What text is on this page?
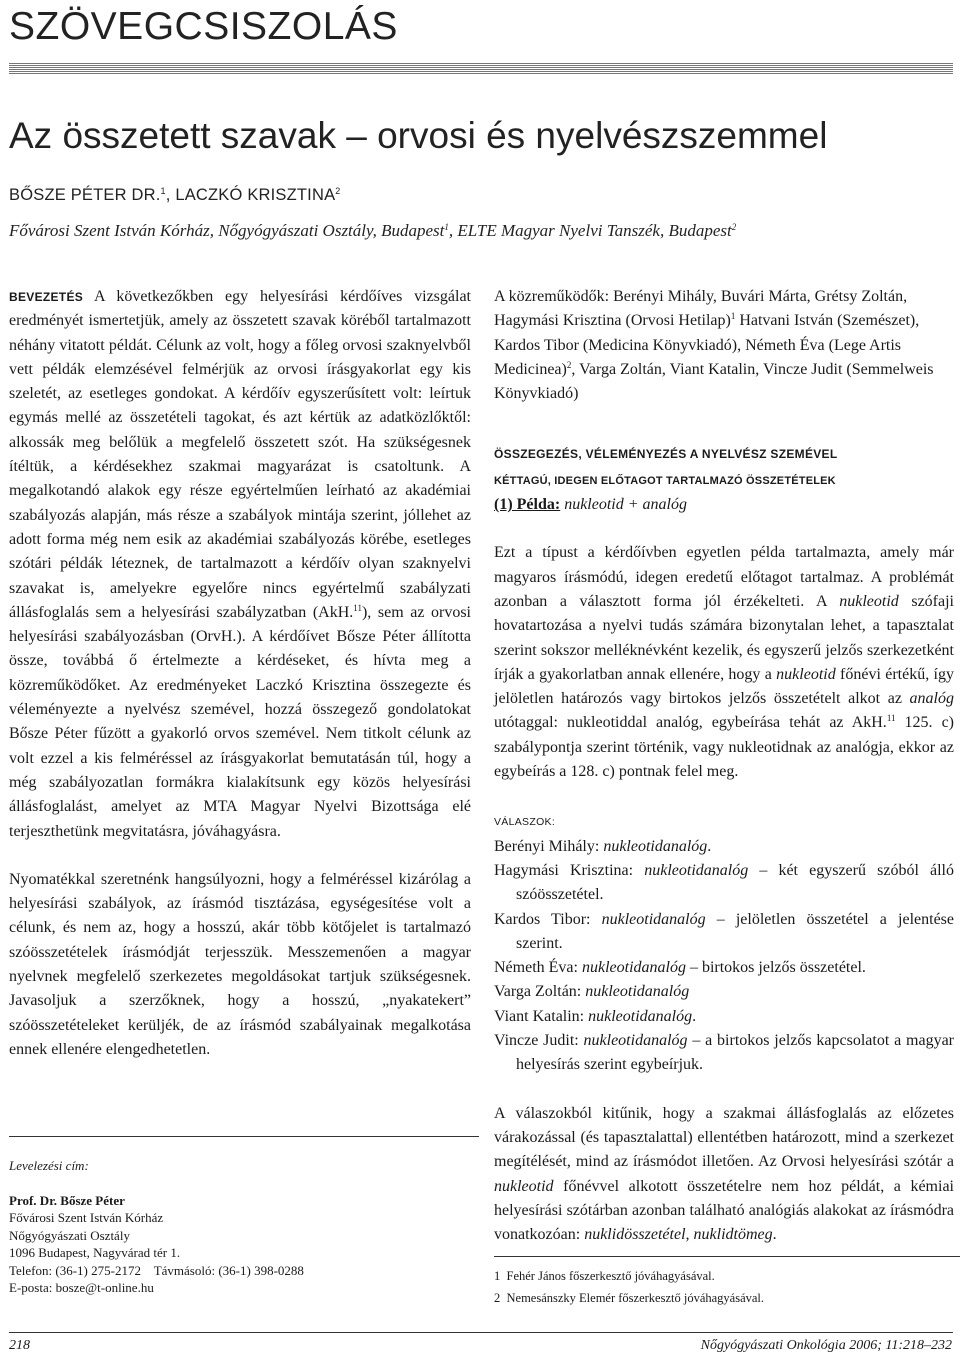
SZÖVEGCSISZOLÁS
Az összetett szavak – orvosi és nyelvészszemmel
BŐSZE PÉTER DR.$^1$, LACZKÓ KRISZTINA$^2$
Fővárosi Szent István Kórház, Nőgyógyászati Osztály, Budapest$^1$, ELTE Magyar Nyelvi Tanszék, Budapest$^2$

BEVEZETÉS A következőkben egy helyesírási kérdőíves vizsgálat eredményét ismertetjük, amely az összetett szavak köréből tartalmazott néhány vitatott példát. Célunk az volt, hogy a főleg orvosi szaknyelvből vett példák elemzésével felmérjük az orvosi írásgyakorlat egy kis szeletét, az esetleges gondokat. A kérdőív egyszerűsített volt: leírtuk egymás mellé az összetételi tagokat, és azt kértük az adatközlőktől: alkossák meg belőlük a megfelelő összetett szót. Ha szükségesnek ítéltük, a kérdésekhez szakmai magyarázat is csatoltunk. A megalkotandó alakok egy része egyértelműen leírható az akadémiai szabályozás alapján, más része a szabályok mintája szerint, jóllehet az adott forma még nem esik az akadémiai szabályozás körébe, esetleges szótári példák léteznek, de tartalmazott a kérdőív olyan szaknyelvi szavakat is, amelyekre egyelőre nincs egyértelmű szabályzati állásfoglalás sem a helyesírási szabályzatban (AkH.$^{11}$), sem az orvosi helyesírási szabályozásban (OrvH.). A kérdőívet Bősze Péter állította össze, továbbá ő értelmezte a kérdéseket, és hívta meg a közreműködőket. Az eredményeket Laczkó Krisztina összegezte és véleményezte a nyelvész szemével, hozzá összegező gondolatokat Bősze Péter fűzött a gyakorló orvos szemével. Nem titkolt célunk az volt ezzel a kis felméréssel az írásgyakorlat bemutatásán túl, hogy a még szabályozatlan formákra kialakítsunk egy közös helyesírási állásfoglalást, amelyet az MTA Magyar Nyelvi Bizottsága elé terjeszthetünk megvitatásra, jóváhagyásra.

Nyomatékkal szeretnénk hangsúlyozni, hogy a felméréssel kizárólag a helyesírási szabályok, az írásmód tisztázása, egységesítése volt a célunk, és nem az, hogy a hosszú, akár több kötőjelet is tartalmazó szóösszetételek írásmódját terjesszük. Messzemenően a magyar nyelvnek megfelelő szerkezetes megoldásokat tartjuk szükségesnek. Javasoljuk a szerzőknek, hogy a hosszú, „nyakatekert” szóösszetételeket kerüljék, de az írásmód szabályainak megalkotása ennek ellenére elengedhetetlen.

Levelezési cím:
Prof. Dr. Bősze Péter
Fővárosi Szent István Kórház
Nőgyógyászati Osztály
1096 Budapest, Nagyvárad tér 1.
Telefon: (36-1) 275-2172    Távmásoló: (36-1) 398-0288
E-posta: bosze@t-online.hu

A közreműködők: Berényi Mihály, Buvári Márta, Grétsy Zoltán, Hagymási Krisztina (Orvosi Hetilap)$^1$ Hatvani István (Szemészet), Kardos Tibor (Medicina Könyvkiadó), Németh Éva (Lege Artis Medicinea)$^2$, Varga Zoltán, Viant Katalin, Vincze Judit (Semmelweis Könyvkiadó)

ÖSSZEGEZÉS, VÉLEMÉNYEZÉS A NYELVÉSZ SZEMÉVEL
KÉTTAGÚ, IDEGEN ELŐTAGOT TARTALMAZÓ ÖSSZETÉTELEK

(1) Példa: nukleotid + analóg

Ezt a típust a kérdőívben egyetlen példa tartalmazta, amely már magyaros írásmódú, idegen eredetű előtagot tartalmaz. A problémát azonban a választott forma jól érzékelteti. A nukleotid szófaji hovatartozása a nyelvi tudás számára bizonytalan lehet, a tapasztalat szerint sokszor melléknévként kezelik, és egyszerű jelzős szerkezetként írják a gyakorlatban annak ellenére, hogy a nukleotid főnévi értékű, így jelöletlen határozós vagy birtokos jelzős összetételt alkot az analóg utótaggal: nukleotiddal analóg, egybeírása tehát az AkH.$^{11}$ 125. c) szabálypontja szerint történik, vagy nukleotidnak az analógja, ekkor az egybeírás a 128. c) pontnak felel meg.

VÁLASZOK:
Berényi Mihály: nukleotidanalóg.
Hagymási Krisztina: nukleotidanalóg – két egyszerű szóból álló szóösszetétel.
Kardos Tibor: nukleotidanalóg – jelöletlen összetétel a jelentése szerint.
Németh Éva: nukleotidanalóg – birtokos jelzős összetétel.
Varga Zoltán: nukleotidanalóg
Viant Katalin: nukleotidanalóg.
Vincze Judit: nukleotidanalóg – a birtokos jelzős kapcsolatot a magyar helyesírás szerint egybeírjuk.

A válaszokból kitűnik, hogy a szakmai állásfoglalás az előzetes várakozással (és tapasztalattal) ellentétben határozott, mind a szerkezet megítélését, mind az írásmódot illetően. Az Orvosi helyesírási szótár a nukleotid főnévvel alkotott összetételre nem hoz példát, a kémiai helyesírási szótárban azonban található analógiás alakokat az írásmódra vonatkozóan: nuklidösszetétel, nuklidtömeg.

1 Fehér János főszerkesztő jóváhagyásával.
2 Nemesánszky Elemér főszerkesztő jóváhagyásával.
218	Nőgyógyászati Onkológia 2006; 11:218–232
